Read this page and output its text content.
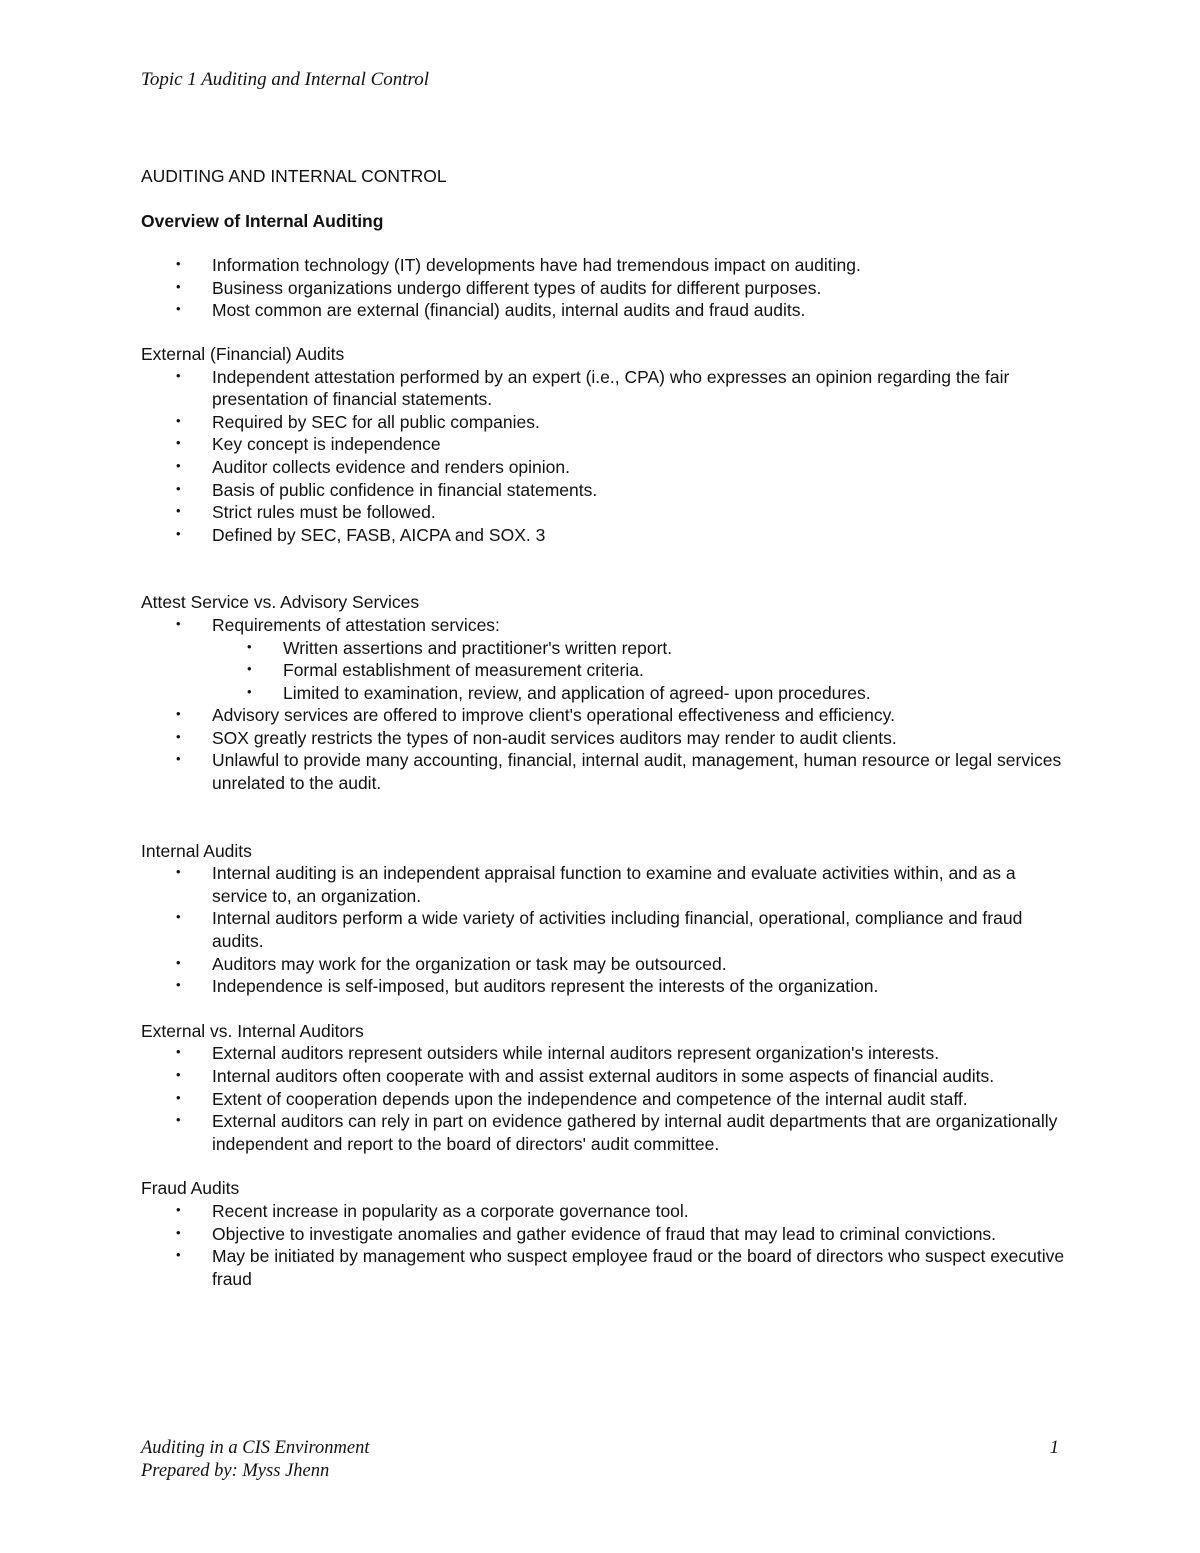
Topic 1 Auditing and Internal Control
AUDITING AND INTERNAL CONTROL
Overview of Internal Auditing
• Information technology (IT) developments have had tremendous impact on auditing.
• Business organizations undergo different types of audits for different purposes.
• Most common are external (financial) audits, internal audits and fraud audits.
External (Financial) Audits
• Independent attestation performed by an expert (i.e., CPA) who expresses an opinion regarding the fair presentation of financial statements.
• Required by SEC for all public companies.
• Key concept is independence
• Auditor collects evidence and renders opinion.
• Basis of public confidence in financial statements.
• Strict rules must be followed.
• Defined by SEC, FASB, AICPA and SOX. 3
Attest Service vs. Advisory Services
• Requirements of attestation services:
• Written assertions and practitioner's written report.
• Formal establishment of measurement criteria.
• Limited to examination, review, and application of agreed- upon procedures.
• Advisory services are offered to improve client's operational effectiveness and efficiency.
• SOX greatly restricts the types of non-audit services auditors may render to audit clients.
• Unlawful to provide many accounting, financial, internal audit, management, human resource or legal services unrelated to the audit.
Internal Audits
• Internal auditing is an independent appraisal function to examine and evaluate activities within, and as a service to, an organization.
• Internal auditors perform a wide variety of activities including financial, operational, compliance and fraud audits.
• Auditors may work for the organization or task may be outsourced.
• Independence is self-imposed, but auditors represent the interests of the organization.
External vs. Internal Auditors
• External auditors represent outsiders while internal auditors represent organization's interests.
• Internal auditors often cooperate with and assist external auditors in some aspects of financial audits.
• Extent of cooperation depends upon the independence and competence of the internal audit staff.
• External auditors can rely in part on evidence gathered by internal audit departments that are organizationally independent and report to the board of directors' audit committee.
Fraud Audits
• Recent increase in popularity as a corporate governance tool.
• Objective to investigate anomalies and gather evidence of fraud that may lead to criminal convictions.
• May be initiated by management who suspect employee fraud or the board of directors who suspect executive fraud
Auditing in a CIS Environment
Prepared by: Myss Jhenn
1
